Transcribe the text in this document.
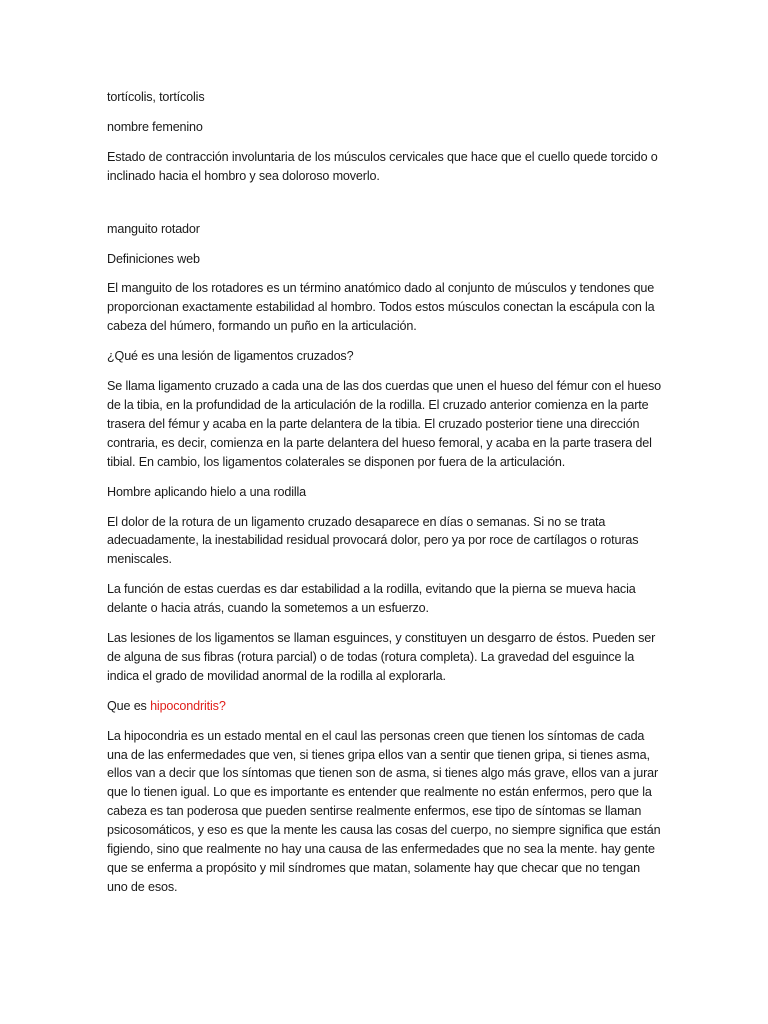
tortícolis, tortícolis

nombre femenino

Estado de contracción involuntaria de los músculos cervicales que hace que el cuello quede torcido o inclinado hacia el hombro y sea doloroso moverlo.

manguito rotador

Definiciones web

El manguito de los rotadores es un término anatómico dado al conjunto de músculos y tendones que proporcionan exactamente estabilidad al hombro. Todos estos músculos conectan la escápula con la cabeza del húmero, formando un puño en la articulación.

¿Qué es una lesión de ligamentos cruzados?

Se llama ligamento cruzado a cada una de las dos cuerdas que unen el hueso del fémur con el hueso de la tibia, en la profundidad de la articulación de la rodilla. El cruzado anterior comienza en la parte trasera del fémur y acaba en la parte delantera de la tibia. El cruzado posterior tiene una dirección contraria, es decir, comienza en la parte delantera del hueso femoral, y acaba en la parte trasera del tibial. En cambio, los ligamentos colaterales se disponen por fuera de la articulación.

Hombre aplicando hielo a una rodilla

El dolor de la rotura de un ligamento cruzado desaparece en días o semanas. Si no se trata adecuadamente, la inestabilidad residual provocará dolor, pero ya por roce de cartílagos o roturas meniscales.

La función de estas cuerdas es dar estabilidad a la rodilla, evitando que la pierna se mueva hacia delante o hacia atrás, cuando la sometemos a un esfuerzo.

Las lesiones de los ligamentos se llaman esguinces, y constituyen un desgarro de éstos. Pueden ser de alguna de sus fibras (rotura parcial) o de todas (rotura completa). La gravedad del esguince la indica el grado de movilidad anormal de la rodilla al explorarla.

Que es hipocondritis?

La hipocondria es un estado mental en el caul las personas creen que tienen los síntomas de cada una de las enfermedades que ven, si tienes gripa ellos van a sentir que tienen gripa, si tienes asma, ellos van a decir que los síntomas que tienen son de asma, si tienes algo más grave, ellos van a jurar que lo tienen igual. Lo que es importante es entender que realmente no están enfermos, pero que la cabeza es tan poderosa que pueden sentirse realmente enfermos, ese tipo de síntomas se llaman psicosomáticos, y eso es que la mente les causa las cosas del cuerpo, no siempre significa que están figiendo, sino que realmente no hay una causa de las enfermedades que no sea la mente. hay gente que se enferma a propósito y mil síndromes que matan, solamente hay que checar que no tengan uno de esos.
